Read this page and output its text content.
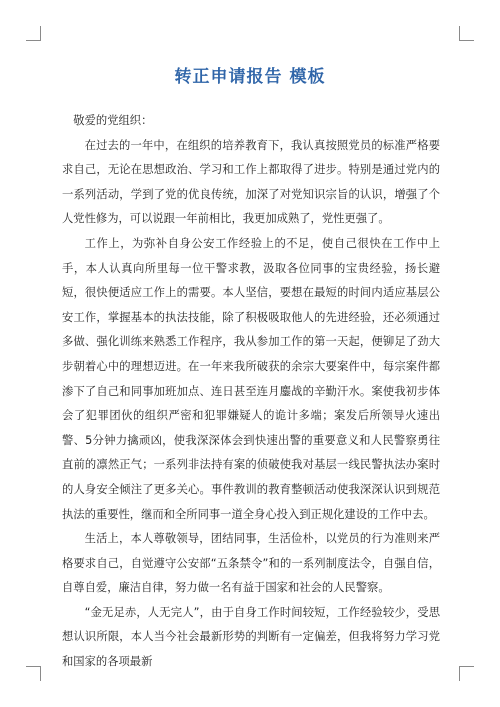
转正申请报告 模板

敬爱的党组织：

在过去的一年中，在组织的培养教育下，我认真按照党员的标准严格要求自己，无论在思想政治、学习和工作上都取得了进步。特别是通过党内的一系列活动，学到了党的优良传统，加深了对党知识宗旨的认识，增强了个人党性修为，可以说跟一年前相比，我更加成熟了，党性更强了。

工作上，为弥补自身公安工作经验上的不足，使自己很快在工作中上手，本人认真向所里每一位干警求教，汲取各位同事的宝贵经验，扬长避短，很快便适应工作上的需要。本人坚信，要想在最短的时间内适应基层公安工作，掌握基本的执法技能，除了积极吸取他人的先进经验，还必须通过多做、强化训练来熟悉工作程序，我从参加工作的第一天起，便铆足了劲大步朝着心中的理想迈进。在一年来我所破获的余宗大要案件中，每宗案件都渗下了自己和同事加班加点、连日甚至连月鏖战的辛勤汗水。案使我初步体会了犯罪团伙的组织严密和犯罪嫌疑人的诡计多端；案发后所领导火速出警、5分钟力擒顽凶，使我深深体会到快速出警的重要意义和人民警察勇往直前的凛然正气；一系列非法持有案的侦破使我对基层一线民警执法办案时的人身安全倾注了更多关心。事件教训的教育整顿活动使我深深认识到规范执法的重要性，继而和全所同事一道全身心投入到正规化建设的工作中去。

生活上，本人尊敬领导，团结同事，生活俭朴，以党员的行为准则来严格要求自己，自觉遵守公安部“五条禁令”和的一系列制度法令，自强自信，自尊自爱，廉洁自律，努力做一名有益于国家和社会的人民警察。

“金无足赤，人无完人”，由于自身工作时间较短，工作经验较少，受思想认识所限，本人当今社会最新形势的判断有一定偏差，但我将努力学习党和国家的各项最新
